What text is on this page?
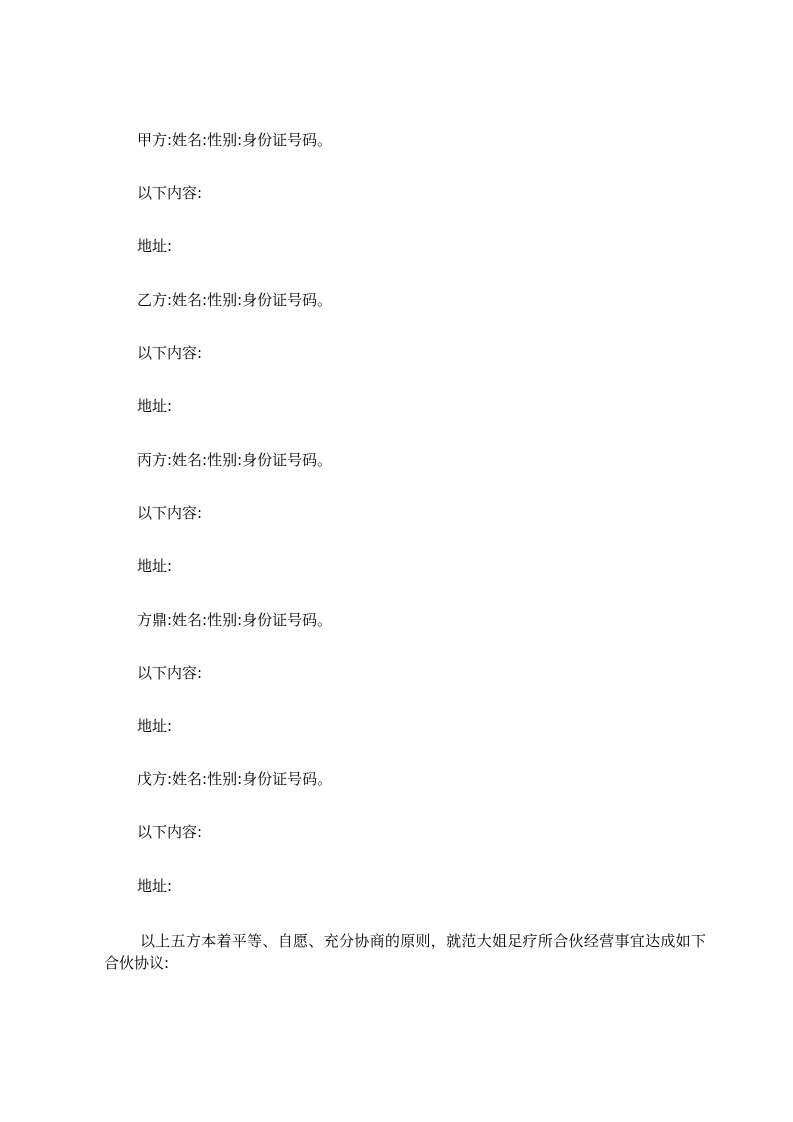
甲方:姓名:性别:身份证号码。
以下内容:
地址:
乙方:姓名:性别:身份证号码。
以下内容:
地址:
丙方:姓名:性别:身份证号码。
以下内容:
地址:
方鼎:姓名:性别:身份证号码。
以下内容:
地址:
戊方:姓名:性别:身份证号码。
以下内容:
地址:
以上五方本着平等、自愿、充分协商的原则，就范大姐足疗所合伙经营事宜达成如下合伙协议:
